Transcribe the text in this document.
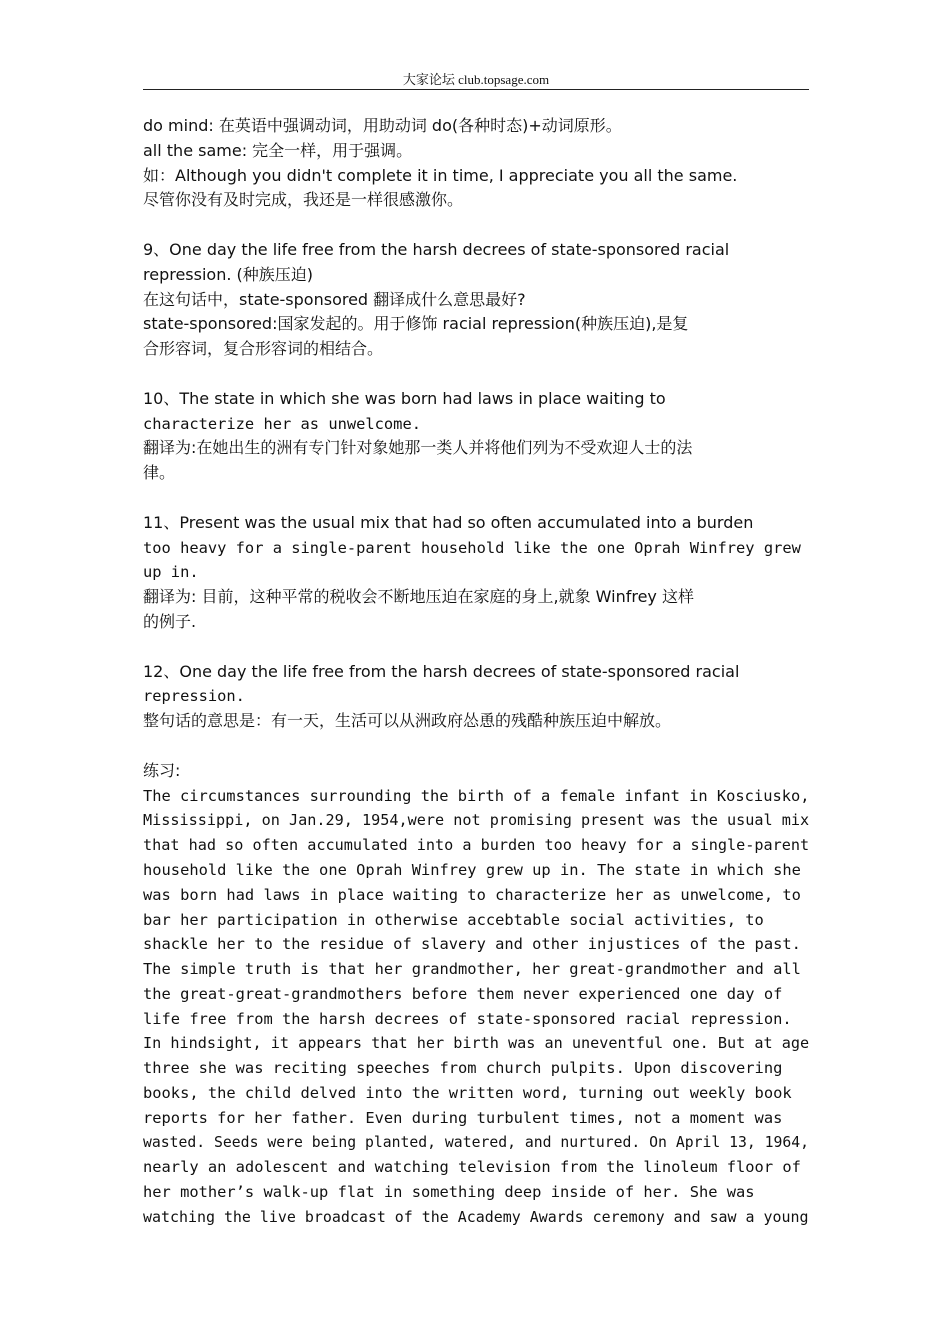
大家论坛 club.topsage.com
do mind: 在英语中强调动词，用助动词 do(各种时态)+动词原形。
all the same: 完全一样，用于强调。
如：Although you didn't complete it in time, I appreciate you all the same.
尽管你没有及时完成，我还是一样很感激你。
9、One day the life free from the harsh decrees of state-sponsored racial
repression. (种族压迫)
在这句话中，state-sponsored 翻译成什么意思最好?
state-sponsored:国家发起的。用于修饰 racial repression(种族压迫),是复
合形容词，复合形容词的相结合。
10、The state in which she was born had laws in place waiting to
characterize her as unwelcome.
翻译为:在她出生的洲有专门针对象她那一类人并将他们列为不受欢迎人士的法
律。
11、Present was the usual mix that had so often accumulated into a burden
too heavy for a single-parent household like the one Oprah Winfrey grew
up in.
翻译为: 目前，这种平常的税收会不断地压迫在家庭的身上,就象 Winfrey 这样
的例子.
12、One day the life free from the harsh decrees of state-sponsored racial
repression.
整句话的意思是：有一天，生活可以从洲政府怂恿的残酷种族压迫中解放。
练习:
The circumstances surrounding the birth of a female infant in Kosciusko,
Mississippi, on Jan.29, 1954,were not promising present was the usual mix
that had so often accumulated into a burden too heavy for a single-parent
household like the one Oprah Winfrey grew up in. The state in which she
was born had laws in place waiting to characterize her as unwelcome, to
bar her participation in otherwise accebtable social activities, to
shackle her to the residue of slavery and other injustices of the past.
The simple truth is that her grandmother, her great-grandmother and all
the great-great-grandmothers before them never experienced one day of
life free from the harsh decrees of state-sponsored racial repression.
In hindsight, it appears that her birth was an uneventful one. But at age
three she was reciting speeches from church pulpits. Upon discovering
books, the child delved into the written word, turning out weekly book
reports for her father. Even during turbulent times, not a moment was
wasted. Seeds were being planted, watered, and nurtured. On April 13, 1964,
nearly an adolescent and watching television from the linoleum floor of
her mother’s walk-up flat in something deep inside of her. She was
watching the live broadcast of the Academy Awards ceremony and saw a young
